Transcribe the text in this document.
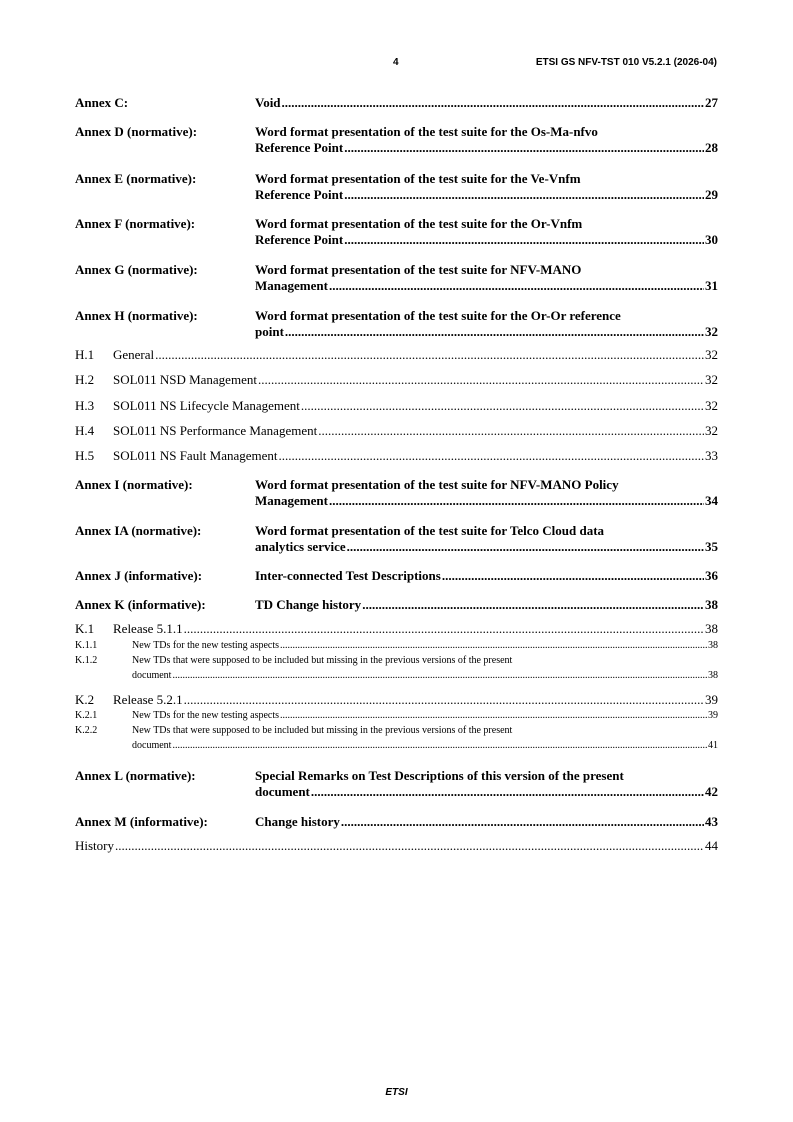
4	ETSI GS NFV-TST 010 V5.2.1 (2026-04)
Annex C:	Void .....	27
Annex D (normative):	Word format presentation of the test suite for the Os-Ma-nfvo
Reference Point .....	28
Annex E (normative):	Word format presentation of the test suite for the Ve-Vnfm
Reference Point .....	29
Annex F (normative):	Word format presentation of the test suite for the Or-Vnfm
Reference Point .....	30
Annex G (normative):	Word format presentation of the test suite for NFV-MANO
Management .....	31
Annex H (normative):	Word format presentation of the test suite for the Or-Or reference
point .....	32
H.1	General .....	32
H.2	SOL011 NSD Management .....	32
H.3	SOL011 NS Lifecycle Management .....	32
H.4	SOL011 NS Performance Management .....	32
H.5	SOL011 NS Fault Management .....	33
Annex I (normative):	Word format presentation of the test suite for NFV-MANO Policy
Management .....	34
Annex IA (normative):	Word format presentation of the test suite for Telco Cloud data
analytics service .....	35
Annex J (informative):	Inter-connected Test Descriptions .....	36
Annex K (informative):	TD Change history .....	38
K.1	Release 5.1.1 .....	38
K.1.1	New TDs for the new testing aspects .....	38
K.1.2	New TDs that were supposed to be included but missing in the previous versions of the present
document .....	38
K.2	Release 5.2.1 .....	39
K.2.1	New TDs for the new testing aspects .....	39
K.2.2	New TDs that were supposed to be included but missing in the previous versions of the present
document .....	41
Annex L (normative):	Special Remarks on Test Descriptions of this version of the present
document .....	42
Annex M (informative):	Change history .....	43
History .....	44
ETSI
